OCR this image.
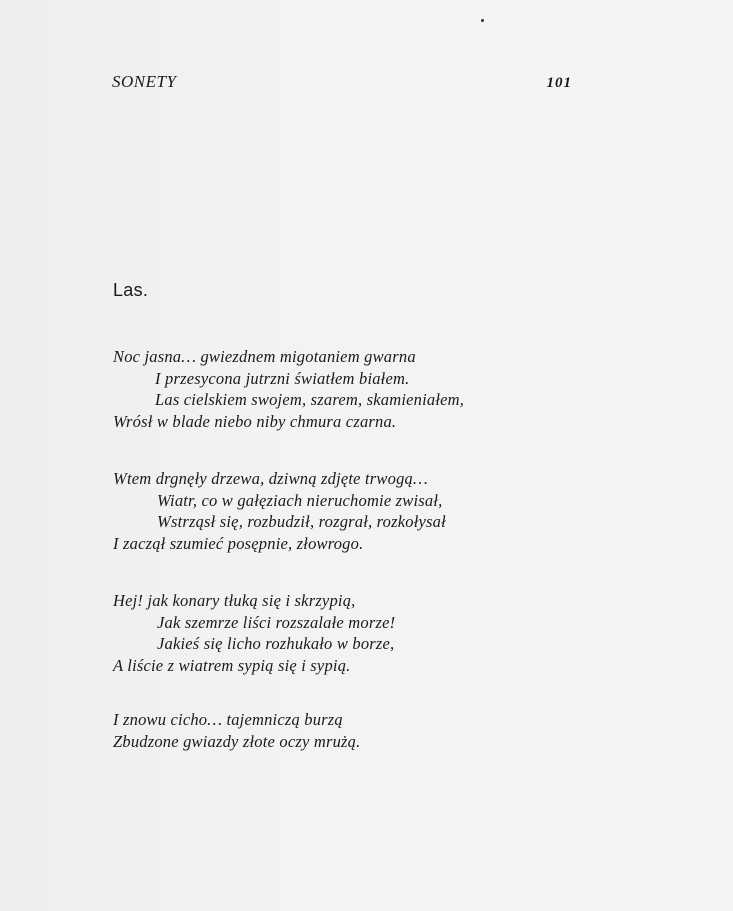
SONETY	101
Las.
Noc jasna… gwiezdnem migotaniem gwarna
I przesycona jutrzni światłem białem.
Las cielskiem swojem, szarem, skamieniałem,
Wrósł w blade niebo niby chmura czarna.
Wtem drgnęły drzewa, dziwną zdjęte trwogą…
Wiatr, co w gałęziach nieruchomie zwisał,
Wstrząsł się, rozbudził, rozgrał, rozkołysał
I zaczął szumieć posępnie, złowrogo.
Hej! jak konary tłuką się i skrzypią,
Jak szemrze liści rozszalałe morze!
Jakieś się licho rozhukało w borze,
A liście z wiatrem sypią się i sypią.
I znowu cicho… tajemniczą burzą
Zbudzone gwiazdy złote oczy mrużą.
